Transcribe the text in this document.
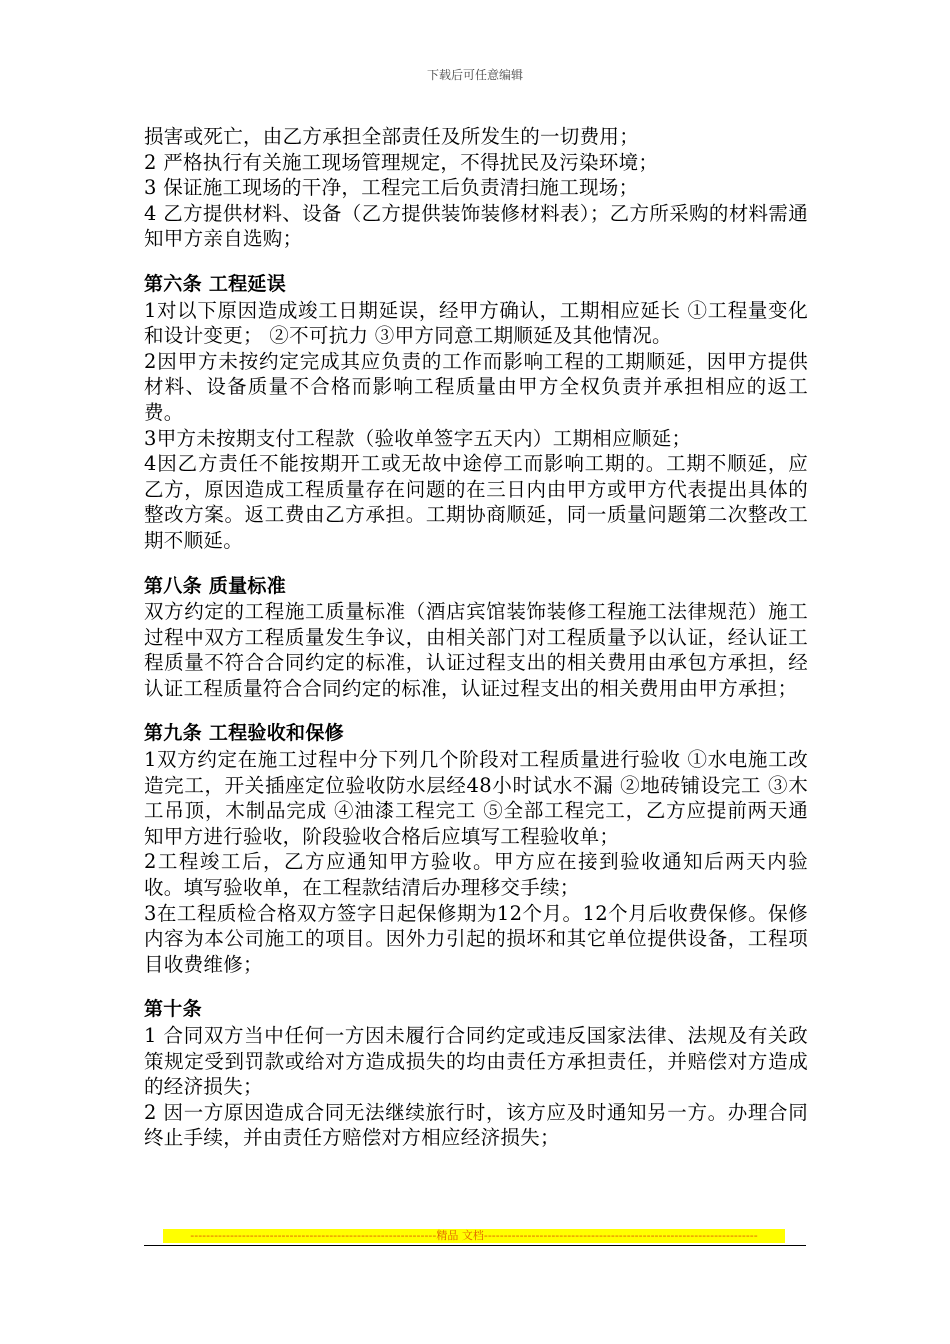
下载后可任意编辑

损害或死亡，由乙方承担全部责任及所发生的一切费用；

2 严格执行有关施工现场管理规定，不得扰民及污染环境；

3 保证施工现场的干净，工程完工后负责清扫施工现场；

4 乙方提供材料、设备（乙方提供装饰装修材料表）；乙方所采购的材料需通知甲方亲自选购；

第六条 工程延误

1对以下原因造成竣工日期延误，经甲方确认，工期相应延长 ①工程量变化和设计变更； ②不可抗力 ③甲方同意工期顺延及其他情况。

2因甲方未按约定完成其应负责的工作而影响工程的工期顺延，因甲方提供材料、设备质量不合格而影响工程质量由甲方全权负责并承担相应的返工费。

3甲方未按期支付工程款（验收单签字五天内）工期相应顺延；

4因乙方责任不能按期开工或无故中途停工而影响工期的。工期不顺延，应乙方，原因造成工程质量存在问题的在三日内由甲方或甲方代表提出具体的整改方案。返工费由乙方承担。工期协商顺延，同一质量问题第二次整改工期不顺延。

第八条 质量标准

双方约定的工程施工质量标准（酒店宾馆装饰装修工程施工法律规范）施工过程中双方工程质量发生争议，由相关部门对工程质量予以认证，经认证工程质量不符合合同约定的标准，认证过程支出的相关费用由承包方承担，经认证工程质量符合合同约定的标准，认证过程支出的相关费用由甲方承担；

第九条 工程验收和保修

1双方约定在施工过程中分下列几个阶段对工程质量进行验收 ①水电施工改造完工，开关插座定位验收防水层经48小时试水不漏 ②地砖铺设完工 ③木工吊顶，木制品完成 ④油漆工程完工 ⑤全部工程完工，乙方应提前两天通知甲方进行验收，阶段验收合格后应填写工程验收单；

2工程竣工后，乙方应通知甲方验收。甲方应在接到验收通知后两天内验收。填写验收单，在工程款结清后办理移交手续；

3在工程质检合格双方签字日起保修期为12个月。12个月后收费保修。保修内容为本公司施工的项目。因外力引起的损坏和其它单位提供设备，工程项目收费维修；

第十条

1 合同双方当中任何一方因未履行合同约定或违反国家法律、法规及有关政策规定受到罚款或给对方造成损失的均由责任方承担责任，并赔偿对方造成的经济损失；

2 因一方原因造成合同无法继续旅行时，该方应及时通知另一方。办理合同终止手续，并由责任方赔偿对方相应经济损失；

--------------------------------------------------------------精品 文档---------------------------------------------------------------------
